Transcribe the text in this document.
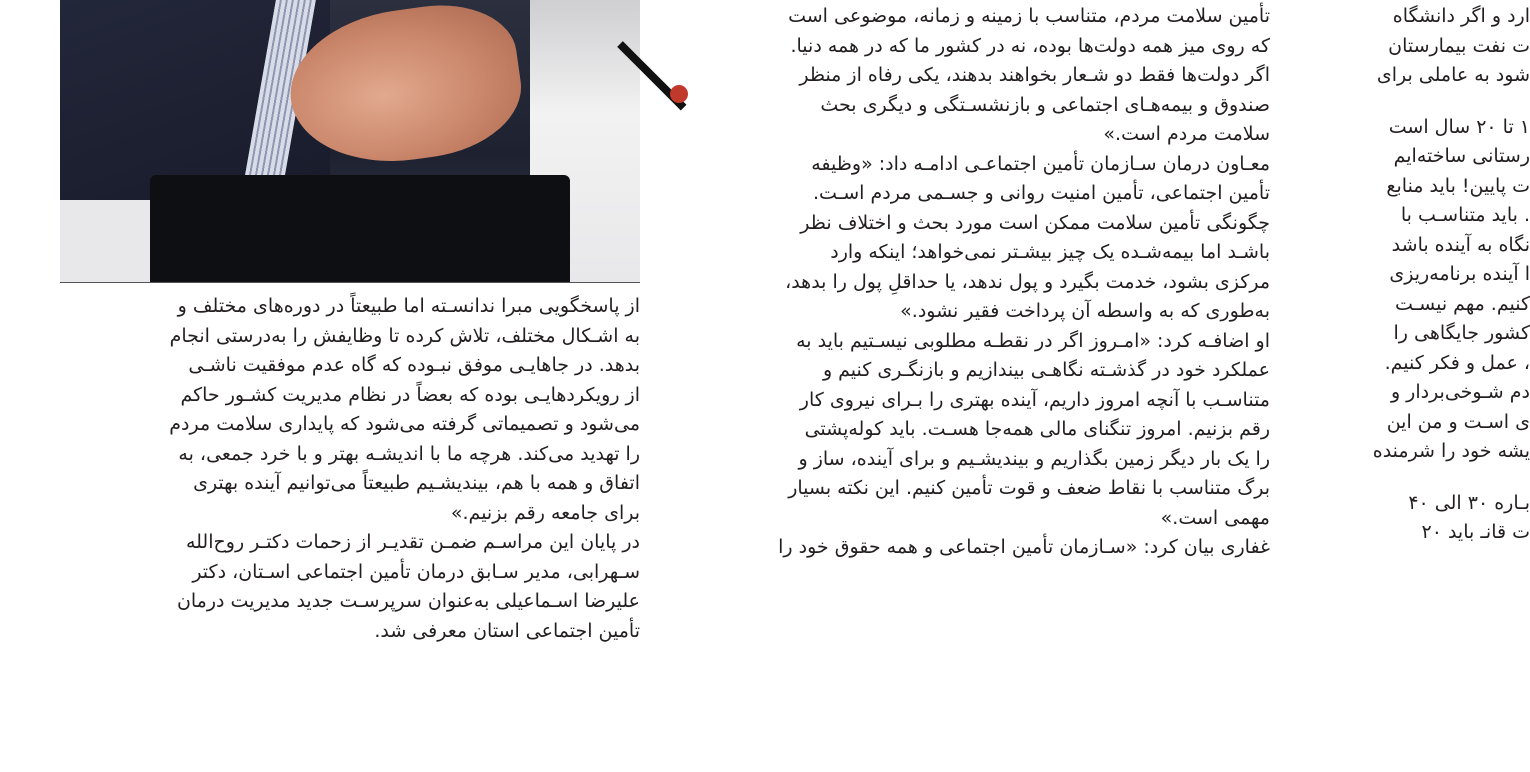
ارد و اگر دانشگاه
ت نفت بیمارستان
شود به عاملی برای
۱ تا ۲۰ سال است
رستانی ساخته‌ایم
ت پایین! باید منابع
. باید متناسـب با
نگاه به آینده باشد
ا آینده برنامه‌ریزی
کنیم. مهم نیسـت
کشور جایگاهی را
، عمل و فکر کنیم.
دم شـوخی‌بردار و
ی اسـت و من این
یشه خود را شرمنده
بـاره ۳۰ الی ۴۰
ت قانـ باید ۲۰
تأمین سلامت مردم، متناسب با زمینه و زمانه، موضوعی است
که روی میز همه دولت‌ها بوده، نه در کشور ما که در همه دنیا.
اگر دولت‌ها فقط دو شـعار بخواهند بدهند، یکی رفاه از منظر
صندوق و بیمه‌هـای اجتماعی و بازنشسـتگی و دیگری بحث
سلامت مردم است.»
معـاون درمان سـازمان تأمین اجتماعـی ادامـه داد: «وظیفه
تأمین اجتماعی، تأمین امنیت روانی و جسـمی مردم اسـت.
چگونگی تأمین سلامت ممکن است مورد بحث و اختلاف نظر
باشـد اما بیمه‌شـده یک چیز بیشـتر نمی‌خواهد؛ اینکه وارد
مرکزی بشود، خدمت بگیرد و پول ندهد، یا حداقلِ پول را بدهد،
به‌طوری که به واسطه آن پرداخت فقیر نشود.»
او اضافـه کرد: «امـروز اگر در نقطـه مطلوبی نیسـتیم باید به
عملکرد خود در گذشـته نگاهـی بیندازیم و بازنگـری کنیم و
متناسـب با آنچه امروز داریم، آینده بهتری را بـرای نیروی کار
رقم بزنیم. امروز تنگنای مالی همه‌جا هسـت. باید کوله‌پشتی
را یک بار دیگر زمین بگذاریم و بیندیشـیم و برای آینده، ساز و
برگ متناسب با نقاط ضعف و قوت تأمین کنیم. این نکته بسیار
مهمی است.»
غفاری بیان کرد: «سـازمان تأمین اجتماعی و همه حقوق خود را
از پاسخگویی مبرا ندانسـته اما طبیعتاً در دوره‌های مختلف و
به اشـکال مختلف، تلاش کرده تا وظایفش را به‌درستی انجام
بدهد. در جاهایـی موفق نبـوده که گاه عدم موفقیت ناشـی
از رویکردهایـی بوده که بعضاً در نظام مدیریت کشـور حاکم
می‌شود و تصمیماتی گرفته می‌شود که پایداری سلامت مردم
را تهدید می‌کند. هرچه ما با اندیشـه بهتر و با خرد جمعی، به
اتفاق و همه با هم، بیندیشـیم طبیعتاً می‌توانیم آینده بهتری
برای جامعه رقم بزنیم.»
در پایان این مراسـم ضمـن تقدیـر از زحمات دکتـر روح‌الله
سـهرابی، مدیر سـابق درمان تأمین اجتماعی اسـتان، دکتر
علیرضا اسـماعیلی به‌عنوان سرپرسـت جدید مدیریت درمان
تأمین اجتماعی استان معرفی شد.
